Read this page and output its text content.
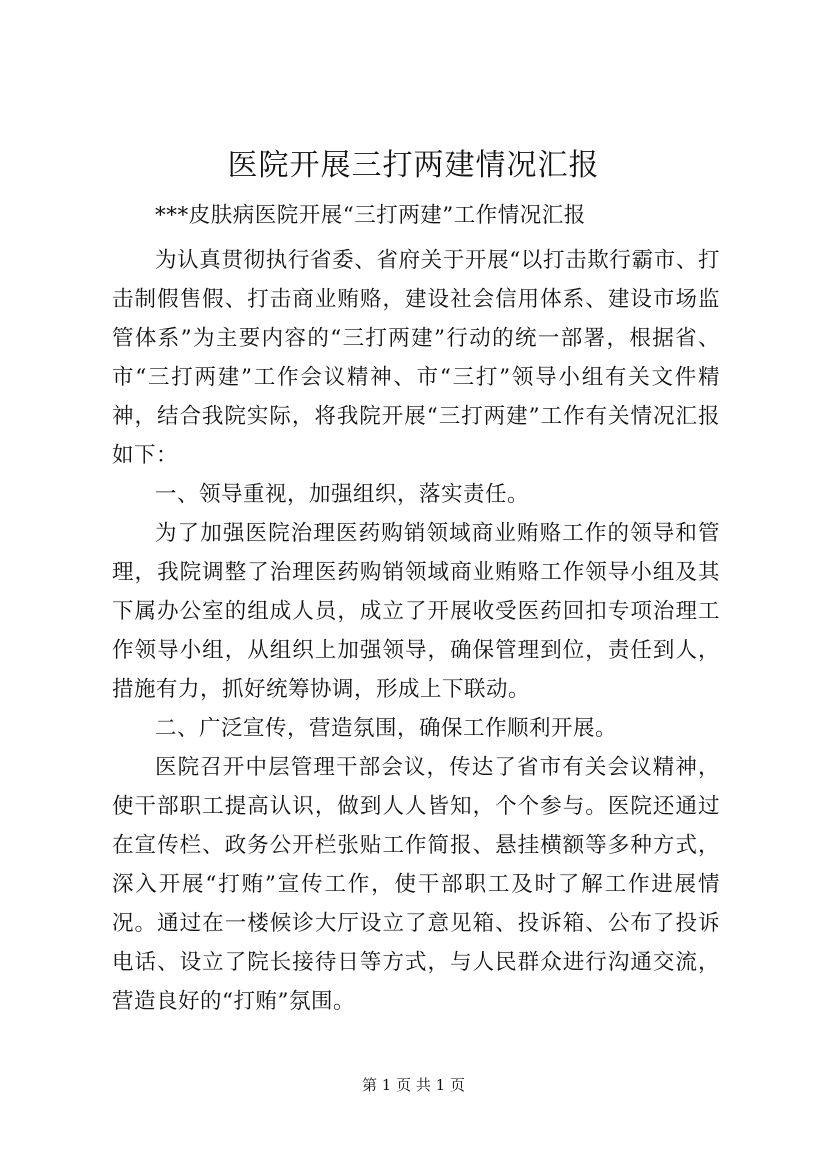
医院开展三打两建情况汇报

***皮肤病医院开展“三打两建”工作情况汇报

为认真贯彻执行省委、省府关于开展“以打击欺行霸市、打击制假售假、打击商业贿赂，建设社会信用体系、建设市场监管体系”为主要内容的“三打两建”行动的统一部署，根据省、市“三打两建”工作会议精神、市“三打”领导小组有关文件精神，结合我院实际，将我院开展“三打两建”工作有关情况汇报如下：

一、领导重视，加强组织，落实责任。

为了加强医院治理医药购销领域商业贿赂工作的领导和管理，我院调整了治理医药购销领域商业贿赂工作领导小组及其下属办公室的组成人员，成立了开展收受医药回扣专项治理工作领导小组，从组织上加强领导，确保管理到位，责任到人，措施有力，抓好统筹协调，形成上下联动。

二、广泛宣传，营造氛围，确保工作顺利开展。

医院召开中层管理干部会议，传达了省市有关会议精神，使干部职工提高认识，做到人人皆知，个个参与。医院还通过在宣传栏、政务公开栏张贴工作简报、悬挂横额等多种方式，深入开展“打贿”宣传工作，使干部职工及时了解工作进展情况。通过在一楼候诊大厅设立了意见箱、投诉箱、公布了投诉电话、设立了院长接待日等方式，与人民群众进行沟通交流，营造良好的“打贿”氛围。

第 1 页 共 1 页
